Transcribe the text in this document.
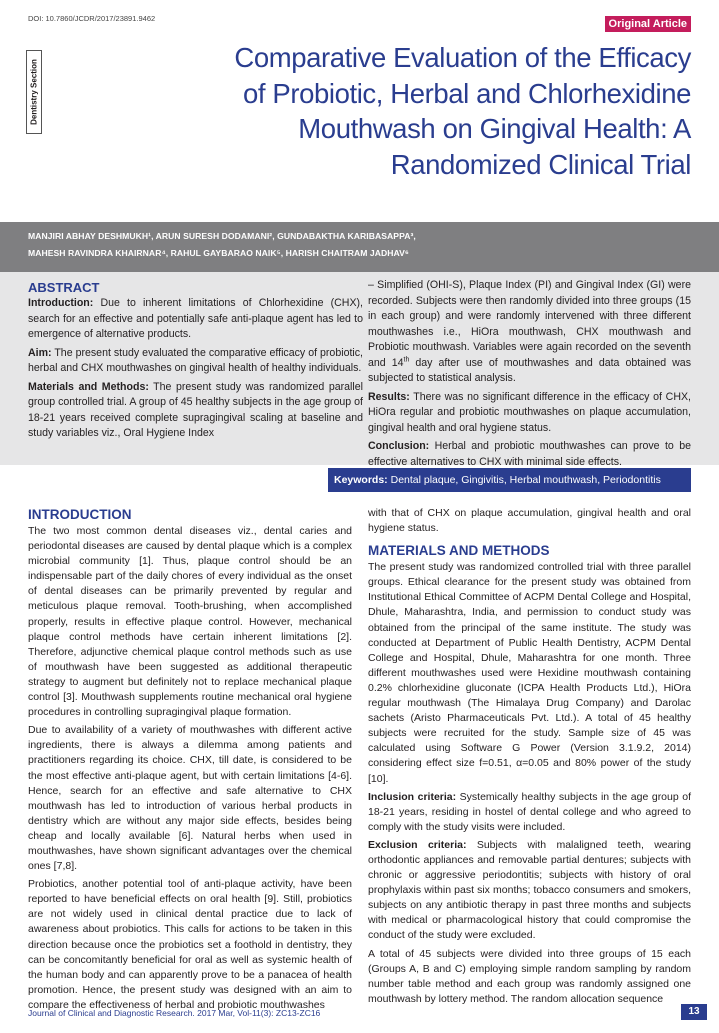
DOI: 10.7860/JCDR/2017/23891.9462	Original Article
Dentistry Section
Comparative Evaluation of the Efficacy
of Probiotic, Herbal and Chlorhexidine
Mouthwash on Gingival Health: A
Randomized Clinical Trial
MANJIRI ABHAY DESHMUKH¹, ARUN SURESH DODAMANI², GUNDABAKTHA KARIBASAPPA³,
MAHESH RAVINDRA KHAIRNAR⁴, RAHUL GAYBARAO NAIK⁵, HARISH CHAITRAM JADHAV⁶
ABSTRACT

Introduction: Due to inherent limitations of Chlorhexidine (CHX), search for an effective and potentially safe anti-plaque agent has led to emergence of alternative products.

Aim: The present study evaluated the comparative efficacy of probiotic, herbal and CHX mouthwashes on gingival health of healthy individuals.

Materials and Methods: The present study was randomized parallel group controlled trial. A group of 45 healthy subjects in the age group of 18-21 years received complete supragingival scaling at baseline and study variables viz., Oral Hygiene Index

– Simplified (OHI-S), Plaque Index (PI) and Gingival Index (GI) were recorded. Subjects were then randomly divided into three groups (15 in each group) and were randomly intervened with three different mouthwashes i.e., HiOra mouthwash, CHX mouthwash and Probiotic mouthwash. Variables were again recorded on the seventh and 14th day after use of mouthwashes and data obtained was subjected to statistical analysis.

Results: There was no significant difference in the efficacy of CHX, HiOra regular and probiotic mouthwashes on plaque accumulation, gingival health and oral hygiene status.

Conclusion: Herbal and probiotic mouthwashes can prove to be effective alternatives to CHX with minimal side effects.

Keywords: Dental plaque, Gingivitis, Herbal mouthwash, Periodontitis
INTRODUCTION

The two most common dental diseases viz., dental caries and periodontal diseases are caused by dental plaque which is a complex microbial community [1]. Thus, plaque control should be an indispensable part of the daily chores of every individual as the onset of dental diseases can be primarily prevented by regular and meticulous plaque removal. Tooth-brushing, when accomplished properly, results in effective plaque control. However, mechanical plaque control methods have certain inherent limitations [2]. Therefore, adjunctive chemical plaque control methods such as use of mouthwash have been suggested as additional therapeutic strategy to augment but definitely not to replace mechanical plaque control [3]. Mouthwash supplements routine mechanical oral hygiene procedures in controlling supragingival plaque formation.

Due to availability of a variety of mouthwashes with different active ingredients, there is always a dilemma among patients and practitioners regarding its choice. CHX, till date, is considered to be the most effective anti-plaque agent, but with certain limitations [4-6]. Hence, search for an effective and safe alternative to CHX mouthwash has led to introduction of various herbal products in dentistry which are without any major side effects, besides being cheap and locally available [6]. Natural herbs when used in mouthwashes, have shown significant advantages over the chemical ones [7,8].

Probiotics, another potential tool of anti-plaque activity, have been reported to have beneficial effects on oral health [9]. Still, probiotics are not widely used in clinical dental practice due to lack of awareness about probiotics. This calls for actions to be taken in this direction because once the probiotics set a foothold in dentistry, they can be concomitantly beneficial for oral as well as systemic health of the human body and can apparently prove to be a panacea of health promotion. Hence, the present study was designed with an aim to compare the effectiveness of herbal and probiotic mouthwashes

with that of CHX on plaque accumulation, gingival health and oral hygiene status.

MATERIALS AND METHODS

The present study was randomized controlled trial with three parallel groups. Ethical clearance for the present study was obtained from Institutional Ethical Committee of ACPM Dental College and Hospital, Dhule, Maharashtra, India, and permission to conduct study was obtained from the principal of the same institute. The study was conducted at Department of Public Health Dentistry, ACPM Dental College and Hospital, Dhule, Maharashtra for one month. Three different mouthwashes used were Hexidine mouthwash containing 0.2% chlorhexidine gluconate (ICPA Health Products Ltd.), HiOra regular mouthwash (The Himalaya Drug Company) and Darolac sachets (Aristo Pharmaceuticals Pvt. Ltd.). A total of 45 healthy subjects were recruited for the study. Sample size of 45 was calculated using Software G Power (Version 3.1.9.2, 2014) considering effect size f=0.51, α=0.05 and 80% power of the study [10].

Inclusion criteria: Systemically healthy subjects in the age group of 18-21 years, residing in hostel of dental college and who agreed to comply with the study visits were included.

Exclusion criteria: Subjects with malaligned teeth, wearing orthodontic appliances and removable partial dentures; subjects with chronic or aggressive periodontitis; subjects with history of oral prophylaxis within past six months; tobacco consumers and smokers, subjects on any antibiotic therapy in past three months and subjects with medical or pharmacological history that could compromise the conduct of the study were excluded.

A total of 45 subjects were divided into three groups of 15 each (Groups A, B and C) employing simple random sampling by random number table method and each group was randomly assigned one mouthwash by lottery method. The random allocation sequence

Journal of Clinical and Diagnostic Research. 2017 Mar, Vol-11(3): ZC13-ZC16	13
